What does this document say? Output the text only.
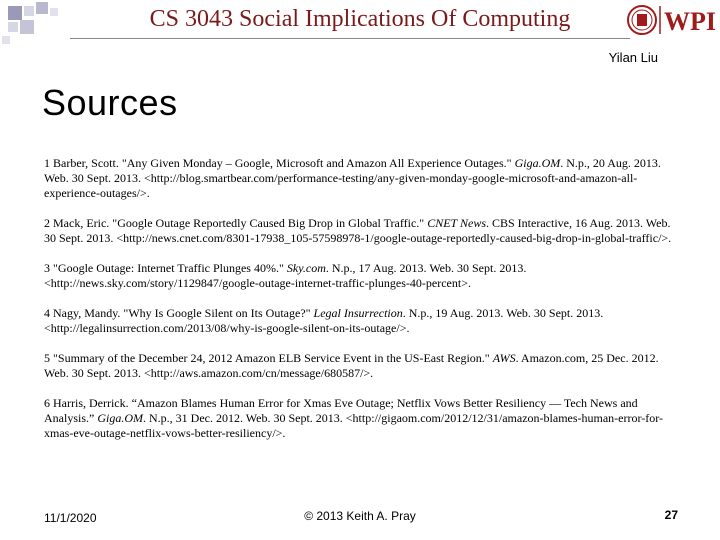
CS 3043 Social Implications Of Computing	WPI
Yilan Liu
Sources

1 Barber, Scott. "Any Given Monday – Google, Microsoft and Amazon All Experience Outages." Giga.OM. N.p., 20 Aug. 2013. Web. 30 Sept. 2013. <http://blog.smartbear.com/performance-testing/any-given-monday-google-microsoft-and-amazon-all-experience-outages/>.

2 Mack, Eric. "Google Outage Reportedly Caused Big Drop in Global Traffic." CNET News. CBS Interactive, 16 Aug. 2013. Web. 30 Sept. 2013. <http://news.cnet.com/8301-17938_105-57598978-1/google-outage-reportedly-caused-big-drop-in-global-traffic/>.

3 "Google Outage: Internet Traffic Plunges 40%." Sky.com. N.p., 17 Aug. 2013. Web. 30 Sept. 2013. <http://news.sky.com/story/1129847/google-outage-internet-traffic-plunges-40-percent>.

4 Nagy, Mandy. "Why Is Google Silent on Its Outage?" Legal Insurrection. N.p., 19 Aug. 2013. Web. 30 Sept. 2013. <http://legalinsurrection.com/2013/08/why-is-google-silent-on-its-outage/>.

5 "Summary of the December 24, 2012 Amazon ELB Service Event in the US-East Region." AWS. Amazon.com, 25 Dec. 2012. Web. 30 Sept. 2013. <http://aws.amazon.com/cn/message/680587/>.

6 Harris, Derrick. “Amazon Blames Human Error for Xmas Eve Outage; Netflix Vows Better Resiliency — Tech News and Analysis.” Giga.OM. N.p., 31 Dec. 2012. Web. 30 Sept. 2013. <http://gigaom.com/2012/12/31/amazon-blames-human-error-for-xmas-eve-outage-netflix-vows-better-resiliency/>.

11/1/2020	© 2013 Keith A. Pray	27
